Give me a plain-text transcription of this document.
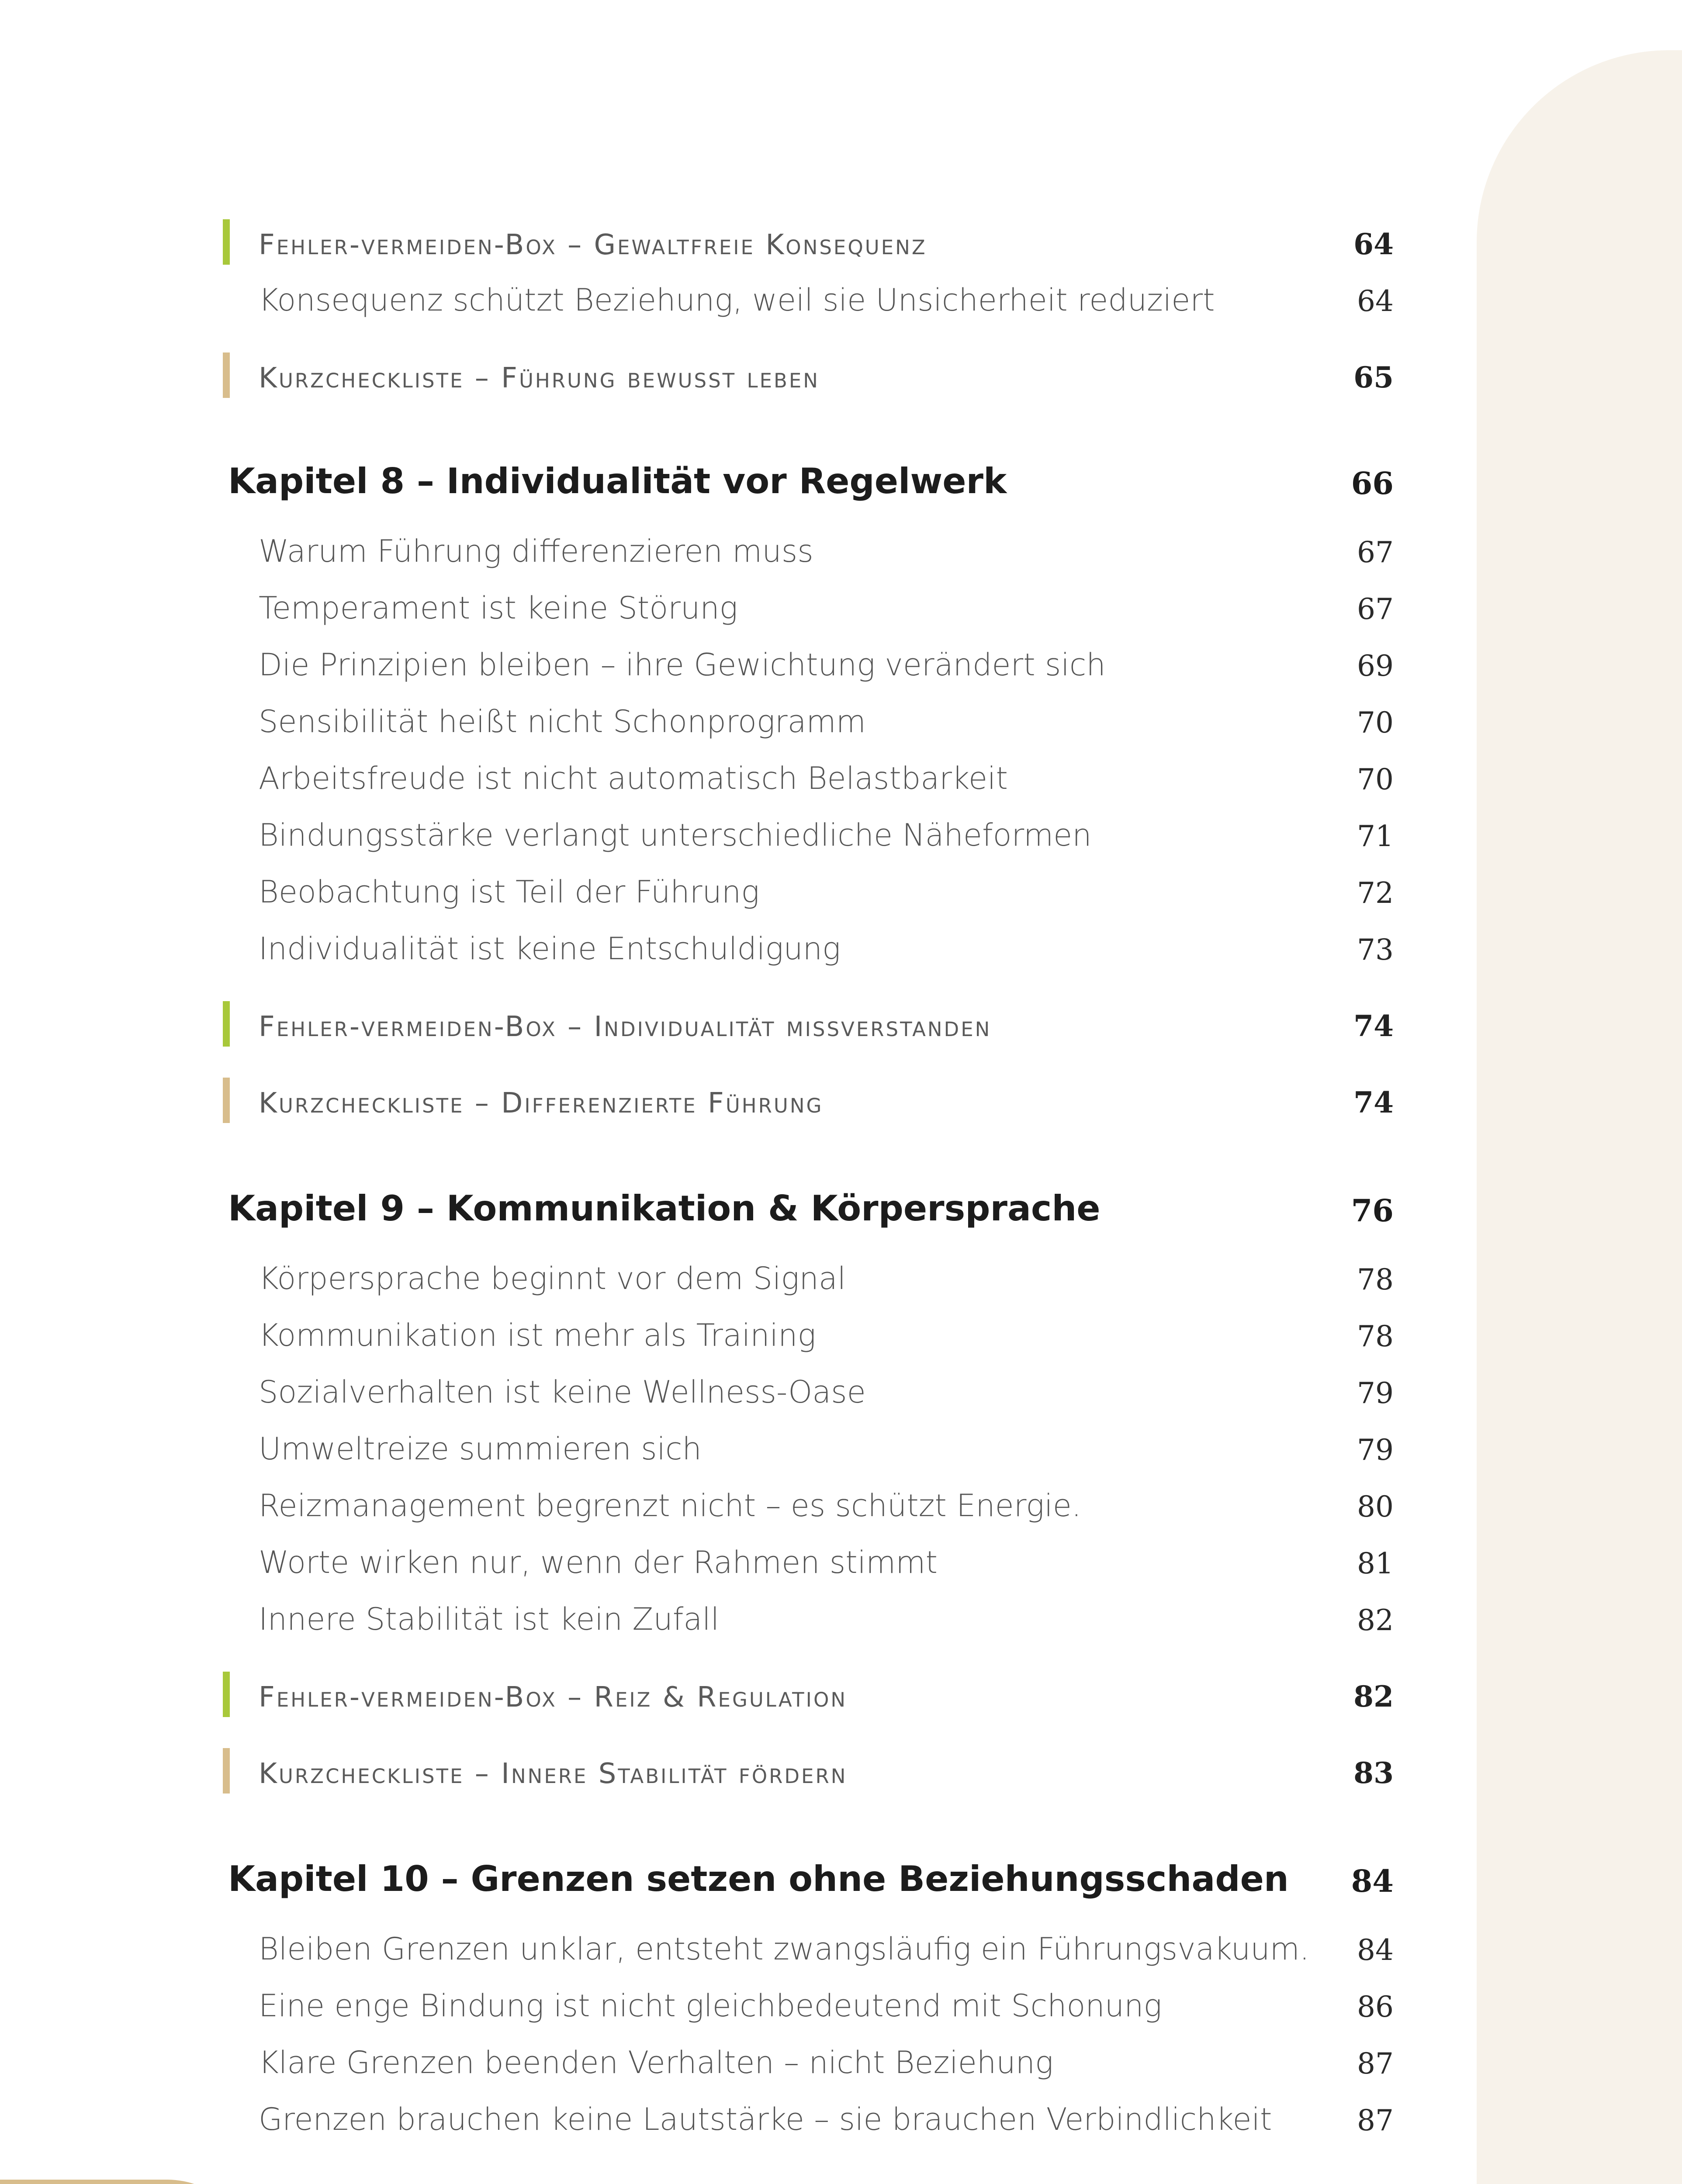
Fehler-vermeiden-Box – Gewaltfreie Konsequenz	64
Konsequenz schützt Beziehung, weil sie Unsicherheit reduziert	64
Kurzcheckliste – Führung bewusst leben	65
Kapitel 8 – Individualität vor Regelwerk	66
Warum Führung differenzieren muss	67
Temperament ist keine Störung	67
Die Prinzipien bleiben – ihre Gewichtung verändert sich	69
Sensibilität heißt nicht Schonprogramm	70
Arbeitsfreude ist nicht automatisch Belastbarkeit	70
Bindungsstärke verlangt unterschiedliche Näheformen	71
Beobachtung ist Teil der Führung	72
Individualität ist keine Entschuldigung	73
Fehler-vermeiden-Box – Individualität missverstanden	74
Kurzcheckliste – Differenzierte Führung	74
Kapitel 9 – Kommunikation & Körpersprache	76
Körpersprache beginnt vor dem Signal	78
Kommunikation ist mehr als Training	78
Sozialverhalten ist keine Wellness-Oase	79
Umweltreize summieren sich	79
Reizmanagement begrenzt nicht – es schützt Energie.	80
Worte wirken nur, wenn der Rahmen stimmt	81
Innere Stabilität ist kein Zufall	82
Fehler-vermeiden-Box – Reiz & Regulation	82
Kurzcheckliste – Innere Stabilität fördern	83
Kapitel 10 – Grenzen setzen ohne Beziehungsschaden 84
Bleiben Grenzen unklar, entsteht zwangsläufig ein Führungsvakuum. 84
Eine enge Bindung ist nicht gleichbedeutend mit Schonung	86
Klare Grenzen beenden Verhalten – nicht Beziehung	87
Grenzen brauchen keine Lautstärke – sie brauchen Verbindlichkeit	87
